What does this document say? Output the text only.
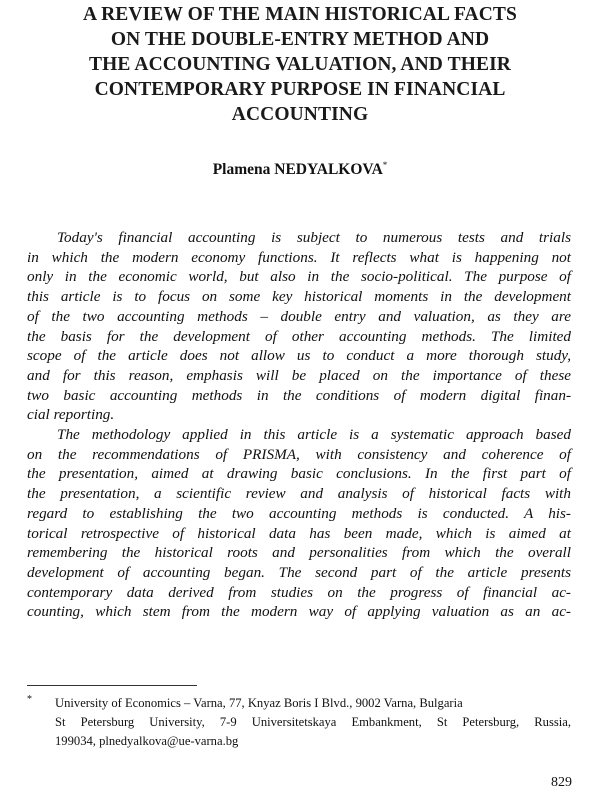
A REVIEW OF THE MAIN HISTORICAL FACTS
ON THE DOUBLE-ENTRY METHOD AND
THE ACCOUNTING VALUATION, AND THEIR
CONTEMPORARY PURPOSE IN FINANCIAL
ACCOUNTING
Plamena NEDYALKOVA*
Today's financial accounting is subject to numerous tests and trials
in which the modern economy functions. It reflects what is happening not
only in the economic world, but also in the socio-political. The purpose of
this article is to focus on some key historical moments in the development
of the two accounting methods – double entry and valuation, as they are
the basis for the development of other accounting methods. The limited
scope of the article does not allow us to conduct a more thorough study,
and for this reason, emphasis will be placed on the importance of these
two basic accounting methods in the conditions of modern digital finan-
cial reporting.
The methodology applied in this article is a systematic approach based
on the recommendations of PRISMA, with consistency and coherence of
the presentation, aimed at drawing basic conclusions. In the first part of
the presentation, a scientific review and analysis of historical facts with
regard to establishing the two accounting methods is conducted. A his-
torical retrospective of historical data has been made, which is aimed at
remembering the historical roots and personalities from which the overall
development of accounting began. The second part of the article presents
contemporary data derived from studies on the progress of financial ac-
counting, which stem from the modern way of applying valuation as an ac-
*	University of Economics – Varna, 77, Knyaz Boris I Blvd., 9002 Varna, Bulgaria
St Petersburg University, 7-9 Universitetskaya Embankment, St Petersburg, Russia,
199034, plnedyalkova@ue-varna.bg
829
